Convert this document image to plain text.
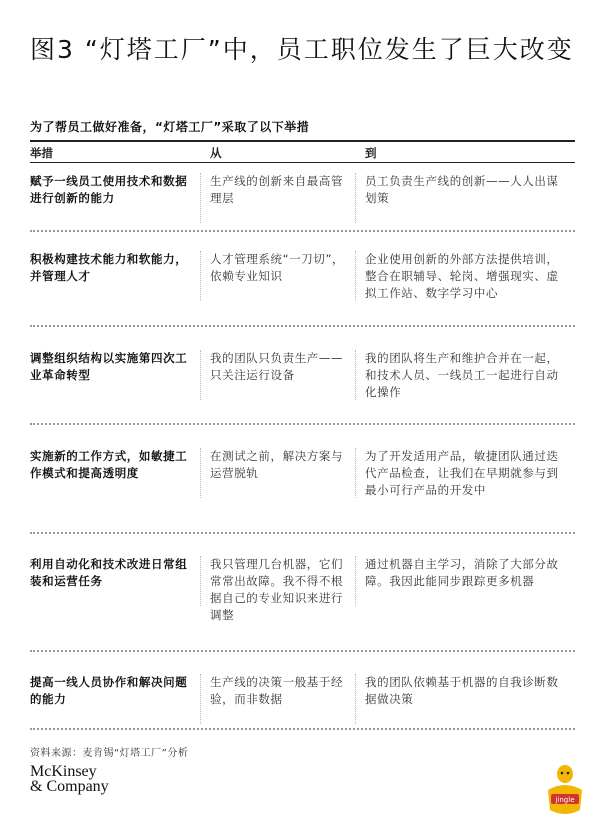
图3 “灯塔工厂”中，员工职位发生了巨大改变
为了帮员工做好准备，“灯塔工厂”采取了以下举措
举措	从	到
赋予一线员工使用技术和数据进行创新的能力
生产线的创新来自最高管理层
员工负责生产线的创新——人人出谋划策
积极构建技术能力和软能力，并管理人才
人才管理系统“一刀切”，依赖专业知识
企业使用创新的外部方法提供培训，整合在职辅导、轮岗、增强现实、虚拟工作站、数字学习中心
调整组织结构以实施第四次工业革命转型
我的团队只负责生产——只关注运行设备
我的团队将生产和维护合并在一起，和技术人员、一线员工一起进行自动化操作
实施新的工作方式，如敏捷工作模式和提高透明度
在测试之前，解决方案与运营脱轨
为了开发适用产品，敏捷团队通过迭代产品检查，让我们在早期就参与到最小可行产品的开发中
利用自动化和技术改进日常组装和运营任务
我只管理几台机器，它们常常出故障。我不得不根据自己的专业知识来进行调整
通过机器自主学习，消除了大部分故障。我因此能同步跟踪更多机器
提高一线人员协作和解决问题的能力
生产线的决策一般基于经验，而非数据
我的团队依赖基于机器的自我诊断数据做决策
资料来源：麦肯锡“灯塔工厂”分析
McKinsey
& Company
jingle
